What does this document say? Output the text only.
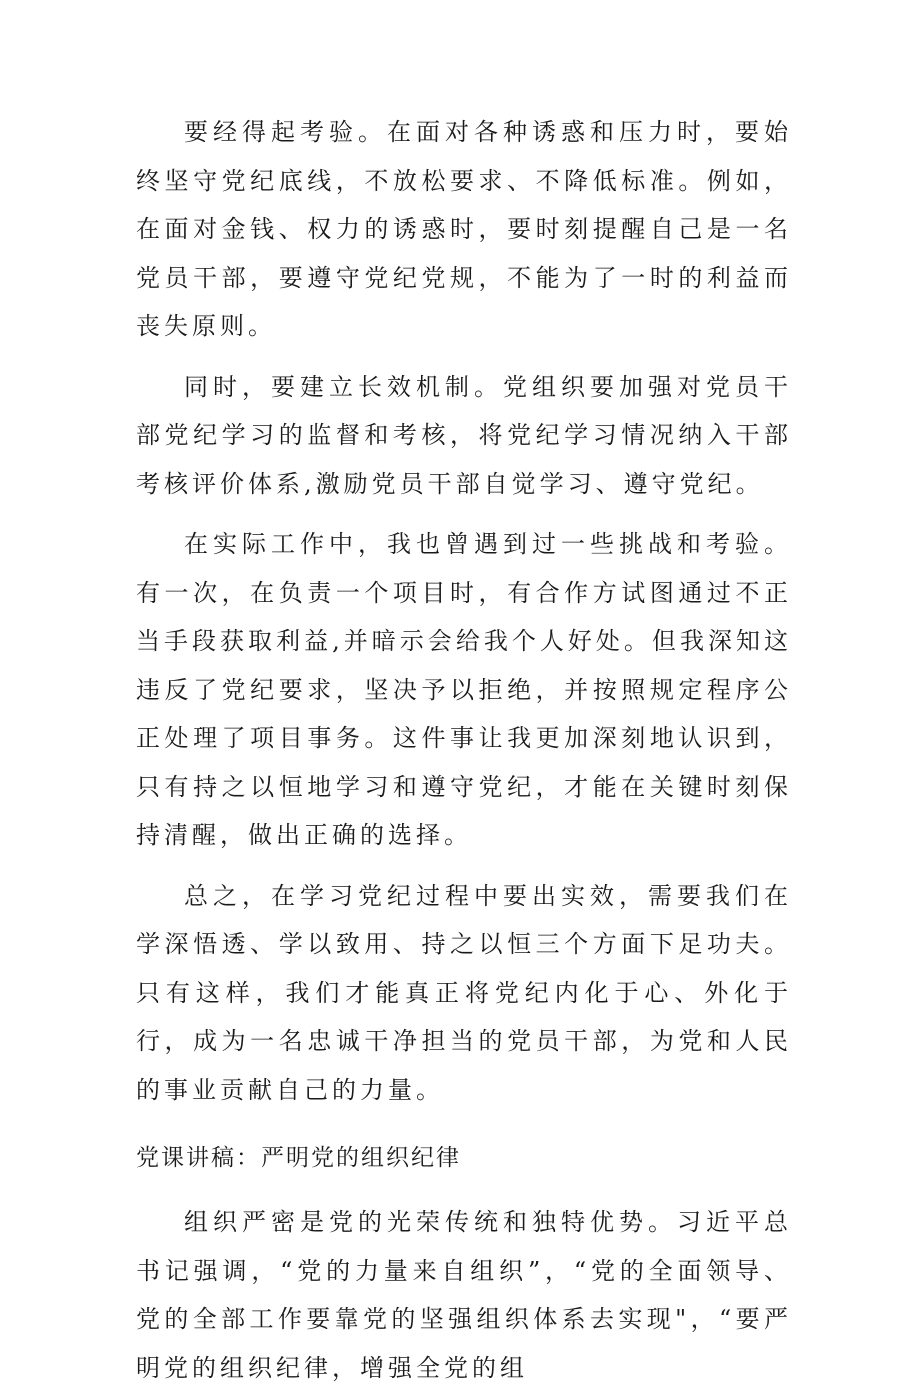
要经得起考验。在面对各种诱惑和压力时，要始终坚守党纪底线，不放松要求、不降低标准。例如，在面对金钱、权力的诱惑时，要时刻提醒自己是一名党员干部，要遵守党纪党规，不能为了一时的利益而丧失原则。

同时，要建立长效机制。党组织要加强对党员干部党纪学习的监督和考核，将党纪学习情况纳入干部考核评价体系,激励党员干部自觉学习、遵守党纪。

在实际工作中，我也曾遇到过一些挑战和考验。有一次，在负责一个项目时，有合作方试图通过不正当手段获取利益,并暗示会给我个人好处。但我深知这违反了党纪要求，坚决予以拒绝，并按照规定程序公正处理了项目事务。这件事让我更加深刻地认识到，只有持之以恒地学习和遵守党纪，才能在关键时刻保持清醒，做出正确的选择。

总之，在学习党纪过程中要出实效，需要我们在学深悟透、学以致用、持之以恒三个方面下足功夫。只有这样，我们才能真正将党纪内化于心、外化于行，成为一名忠诚干净担当的党员干部，为党和人民的事业贡献自己的力量。

党课讲稿：严明党的组织纪律

组织严密是党的光荣传统和独特优势。习近平总书记强调，“党的力量来自组织”，“党的全面领导、党的全部工作要靠党的坚强组织体系去实现"，“要严明党的组织纪律，增强全党的组
